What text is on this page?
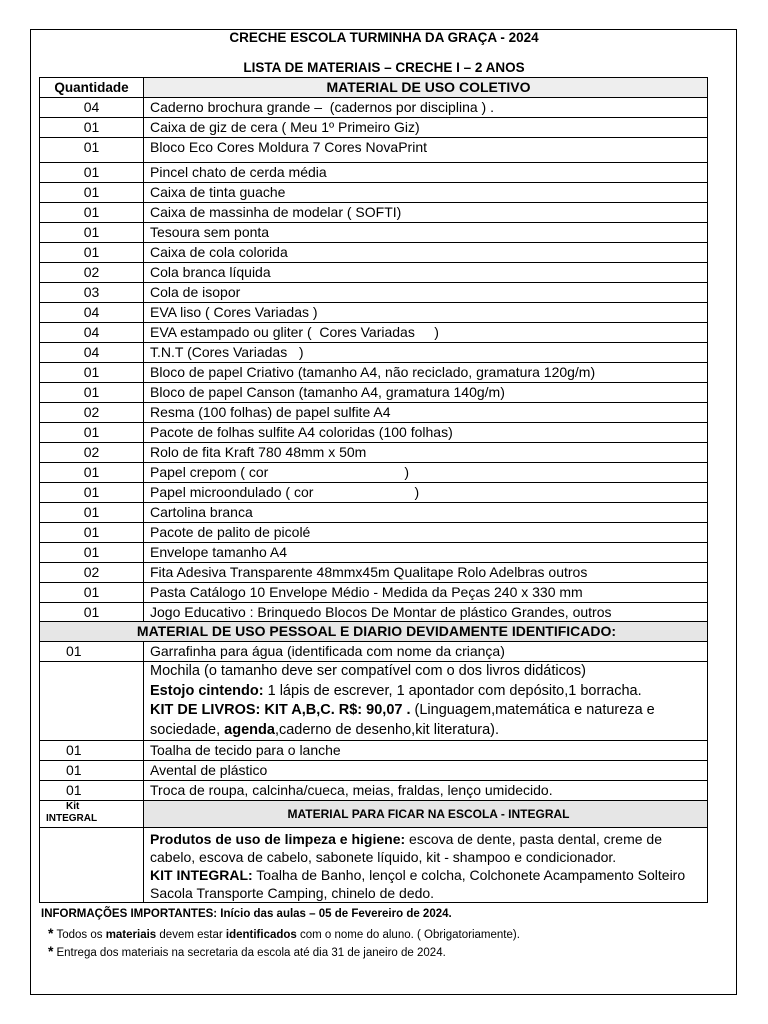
CRECHE ESCOLA TURMINHA DA GRAÇA - 2024
LISTA DE MATERIAIS – CRECHE I – 2 ANOS
Quantidade	MATERIAL DE USO COLETIVO
04	Caderno brochura grande –  (cadernos por disciplina ) .
01	Caixa de giz de cera ( Meu 1º Primeiro Giz)
01	Bloco Eco Cores Moldura 7 Cores NovaPrint
01	Pincel chato de cerda média
01	Caixa de tinta guache
01	Caixa de massinha de modelar ( SOFTI)
01	Tesoura sem ponta
01	Caixa de cola colorida
02	Cola branca líquida
03	Cola de isopor
04	EVA liso ( Cores Variadas )
04	EVA estampado ou gliter (  Cores Variadas     )
04	T.N.T (Cores Variadas   )
01	Bloco de papel Criativo (tamanho A4, não reciclado, gramatura 120g/m)
01	Bloco de papel Canson (tamanho A4, gramatura 140g/m)
02	Resma (100 folhas) de papel sulfite A4
01	Pacote de folhas sulfite A4 coloridas (100 folhas)
02	Rolo de fita Kraft 780 48mm x 50m
01	Papel crepom ( cor                                   )
01	Papel microondulado ( cor                          )
01	Cartolina branca
01	Pacote de palito de picolé
01	Envelope tamanho A4
02	Fita Adesiva Transparente 48mmx45m Qualitape Rolo Adelbras outros
01	Pasta Catálogo 10 Envelope Médio - Medida da Peças 240 x 330 mm
01	Jogo Educativo : Brinquedo Blocos De Montar de plástico Grandes, outros
MATERIAL DE USO PESSOAL E DIARIO DEVIDAMENTE IDENTIFICADO:	
01	Garrafinha para água (identificada com nome da criança)

	Mochila (o tamanho deve ser compatível com o dos livros didáticos)

Estojo cintendo: 1 lápis de escrever, 1 apontador com depósito,1 borracha.

KIT DE LIVROS: KIT A,B,C. R$: 90,07 . (Linguagem,matemática e natureza e

sociedade, agenda,caderno de desenho,kit literatura).

01	Toalha de tecido para o lanche
01	Avental de plástico
01	Troca de roupa, calcinha/cueca, meias, fraldas, lenço umidecido.

Kit
INTEGRAL	MATERIAL PARA FICAR NA ESCOLA - INTEGRAL

	Produtos de uso de limpeza e higiene: escova de dente, pasta dental, creme de cabelo, escova de cabelo, sabonete líquido, kit - shampoo e condicionador.

KIT INTEGRAL: Toalha de Banho, lençol e colcha, Colchonete Acampamento Solteiro Sacola Transporte Camping, chinelo de dedo.

INFORMAÇÕES IMPORTANTES: Início das aulas – 05 de Fevereiro de 2024.
* Todos os materiais devem estar identificados com o nome do aluno. ( Obrigatoriamente).
* Entrega dos materiais na secretaria da escola até dia 31 de janeiro de 2024.
